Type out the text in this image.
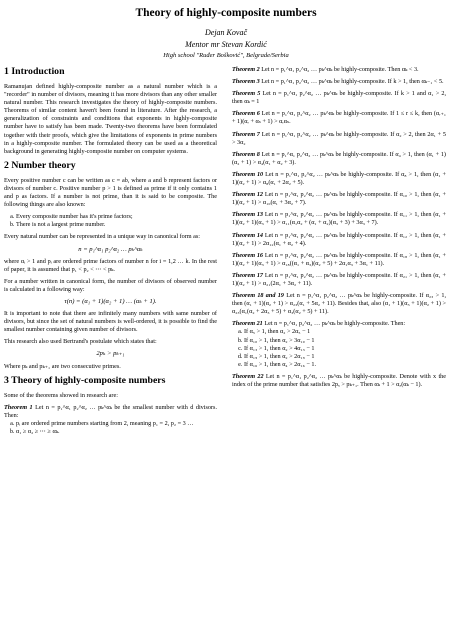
Theory of highly-composite numbers
Dejan Kovač
Mentor mr Stevan Kordić
High school "Ruđer Bošković", Belgrade/Serbia
1 Introduction

Ramanujan defined highly-composite number as a natural number which is a "recorder" in number of divisors, meaning it has more divisors than any other smaller natural number. This research investigates the theory of highly-composite numbers. Theorems of similar content haven't been found in literature. After the research, a generalization of constraints and conditions that exponents in highly-composite number have to satisfy has been made. Twenty-two theorems have been formulated together with their proofs, which give the limitations of exponents in prime numbers in a highly-composite number. The formulated theory can be used as a theoretical background in generating highly-composite number on computer systems.

2 Number theory

Every positive number c can be written as c = ab, where a and b represent factors or divisors of number c. Positive number p > 1 is defined as prime if it only contains 1 and p as factors. If a number is not prime, than it is said to be composite. The following things are also known:

a. Every composite number has it's prime factors;
b. There is not a largest prime number.

Every natural number can be represented in a unique way in canonical form as:

n = p₁^α₁ p₂^α₂ … pₖ^αₖ

where αᵢ > 1 and pᵢ are ordered prime factors of number n for i = 1,2 … k. In the rest of paper, it is assumed that p₁ < p₂ < ⋯ < pₖ.

For a number written in canonical form, the number of divisors of observed number is calculated in a following way:

τ(n) = (α₁ + 1)(α₂ + 1) … (αₖ + 1).

It is important to note that there are infinitely many numbers with same number of divisors, but since the set of natural numbers is well-ordered, it is possible to find the smallest number containing given number of divisors.

This research also used Bertrand's postulate which states that:

2pₖ > pₖ₊₁

Where pₖ and pₖ₊₁ are two consecutive primes.

3 Theory of highly-composite numbers

Some of the theorems showed in research are:

Theorem 1 Let n = p₁^α₁ p₂^α₂ … pₖ^αₖ be the smallest number with d divisors. Then:
a. pᵢ are ordered prime numbers starting from 2, meaning p₁ = 2, p₂ = 3 …
b. α₁ ≥ α₂ ≥ ⋯ ≥ αₖ.
Theorem 2 Let n = p₁^α₁ p₂^α₂ … pₖ^αₖ be highly-composite. Then αₖ < 3.
Theorem 3 Let n = p₁^α₁ p₂^α₂ … pₖ^αₖ be highly-composite. If k > 1, then αₖ₋₁ < 5.
Theorem 5 Let n = p₁^α₁ p₂^α₂ … pₖ^αₖ be highly-composite. If k > 1 and α₁ > 2, then αₖ = 1
Theorem 6 Let n = p₁^α₁ p₂^α₂ … pₖ^αₖ be highly-composite. If 1 ≤ r ≤ k, then (αᵣ₊₁ + 1)(αᵣ + αₛ + 1) > αᵣαₛ.
Theorem 7 Let n = p₁^α₁ p₂^α₂ … pₖ^αₖ be highly-composite. If α₂ > 2, then 2α₁ + 5 > 3α₂
Theorem 8 Let n = p₁^α₁ p₂^α₂ … pₖ^αₖ be highly-composite. If α₄ > 1, then (α₁ + 1)(α₂ + 1) > α₄(α₁ + α₂ + 3).
Theorem 10 Let n = p₁^α₁ p₂^α₂ … pₖ^αₖ be highly-composite. If α₈ > 1, then (α₁ + 1)(α₂ + 1) > α₈(α₁ + 2α₂ + 5).
Theorem 12 Let n = p₁^α₁ p₂^α₂ … pₖ^αₖ be highly-composite. If α₁₀ > 1, then (α₁ + 1)(α₂ + 1) > α₁₀(α₁ + 3α₂ + 7).
Theorem 13 Let n = p₁^α₁ p₂^α₂ … pₖ^αₖ be highly-composite. If α₁₁ > 1, then (α₁ + 1)(α₂ + 1)(α₃ + 1) > α₁₁(α₁α₂ + (α₁ + α₂)(α₃ + 3) + 3α₃ + 7).
Theorem 14 Let n = p₁^α₁ p₂^α₂ … pₖ^αₖ be highly-composite. If α₁₂ > 1, then (α₁ + 1)(α₂ + 1) > 2α₁₂(α₁ + α₂ + 4).
Theorem 16 Let n = p₁^α₁ p₂^α₂ … pₖ^αₖ be highly-composite. If α₁₈ > 1, then (α₁ + 1)(α₂ + 1)(α₃ + 1) > α₁₈((α₁ + α₃)(α₂ + 5) + 2α₁α₃ + 3α₁ + 11).
Theorem 17 Let n = p₁^α₁ p₂^α₂ … pₖ^αₖ be highly-composite. If α₂₁ > 1, then (α₁ + 1)(α₂ + 1) > α₂₁(2α₁ + 3α₂ + 11).
Theorem 18 and 19 Let n = p₁^α₁ p₂^α₂ … pₖ^αₖ be highly-composite. If α₂₃ > 1, then (α₁ + 1)(α₂ + 1) > α₂₃(α₁ + 5α₂ + 11). Besides that, also (α₁ + 1)(α₃ + 1)(α₂ + 1) > α₂₃(α₁(α₂ + 2α₃ + 5) + α₃(α₂ + 5) + 11).
Theorem 21 Let n = p₁^α₁ p₂^α₂ … pₖ^αₖ be highly-composite. Then:
a. If α₅ > 1, then α₂ > 2α₅ − 1
b. If α₁₀ > 1, then α₂ > 3α₁₀ − 1
c. If α₁₃ > 1, then α₂ > 4α₁₃ − 1
d. If α₁₉ > 1, then α₂ > 2α₁₉ − 1
e. If α₁₆ > 1, then α₄ > 2α₁₆ − 1.
Theorem 22 Let n = p₁^α₁ p₂^α₂ … pₖ^αₖ be highly-composite. Denote with x the index of the prime number that satisfies 2pₓ > pₖ₊₁. Then αₖ + 1 > αₓ(αₖ − 1).
